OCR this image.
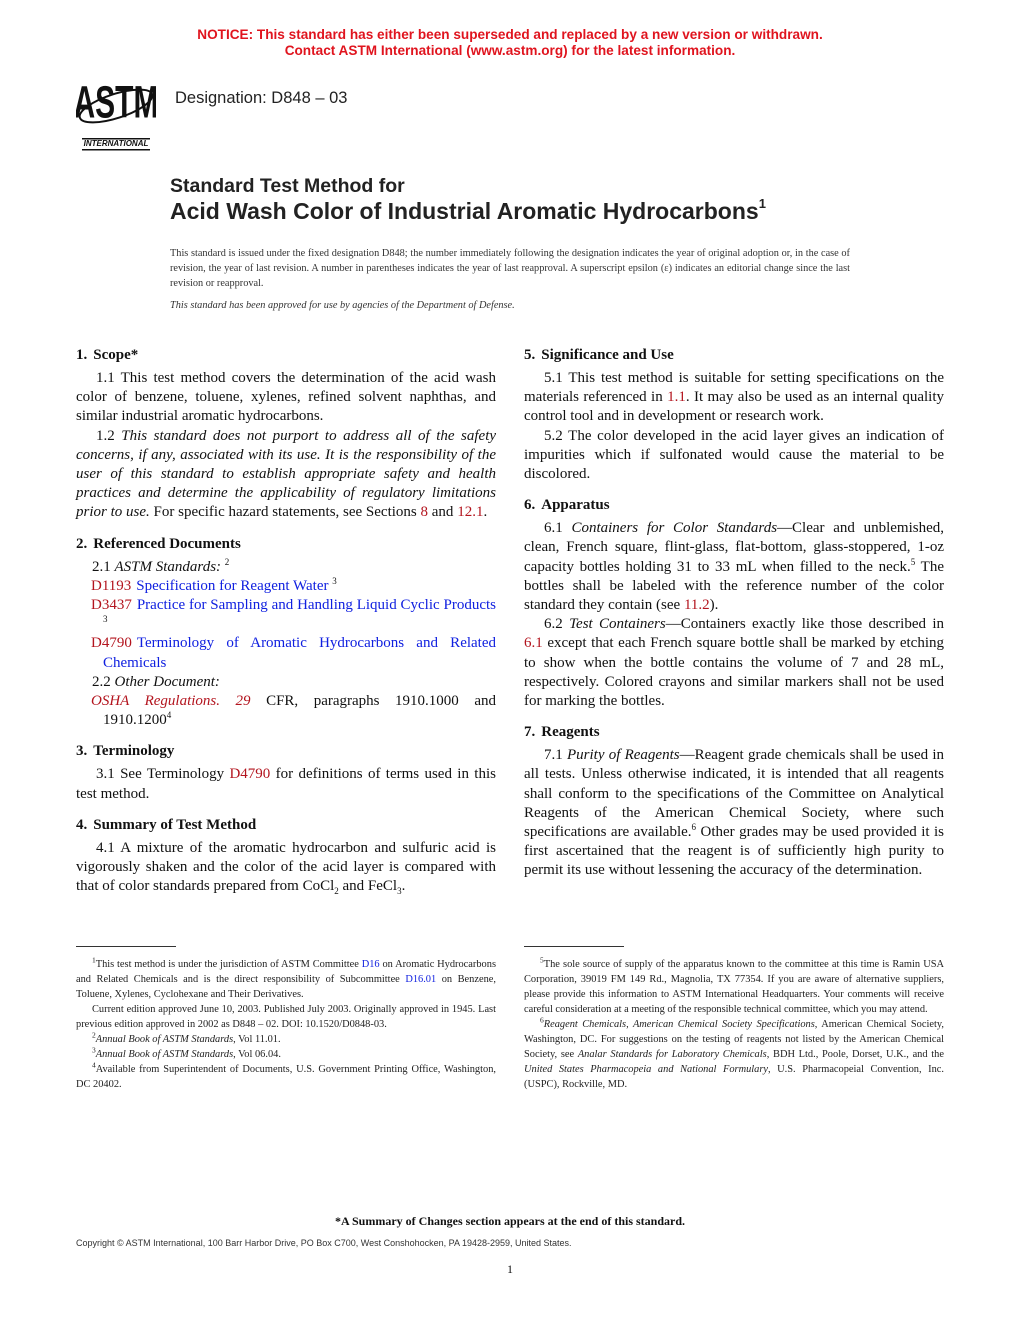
NOTICE: This standard has either been superseded and replaced by a new version or withdrawn.
Contact ASTM International (www.astm.org) for the latest information.
ASTM
INTERNATIONAL
Designation: D848 – 03
Standard Test Method for
Acid Wash Color of Industrial Aromatic Hydrocarbons$^1$
This standard is issued under the fixed designation D848; the number immediately following the designation indicates the year of original adoption or, in the case of revision, the year of last revision. A number in parentheses indicates the year of last reapproval. A superscript epsilon (ε) indicates an editorial change since the last revision or reapproval.
This standard has been approved for use by agencies of the Department of Defense.
1. Scope*

1.1 This test method covers the determination of the acid wash color of benzene, toluene, xylenes, refined solvent naphthas, and similar industrial aromatic hydrocarbons.

1.2 This standard does not purport to address all of the safety concerns, if any, associated with its use. It is the responsibility of the user of this standard to establish appropriate safety and health practices and determine the applicability of regulatory limitations prior to use. For specific hazard statements, see Sections 8 and 12.1.

2. Referenced Documents

2.1 ASTM Standards: $^2$

D1193 Specification for Reagent Water $^3$

D3437 Practice for Sampling and Handling Liquid Cyclic Products $^3$

D4790 Terminology of Aromatic Hydrocarbons and Related Chemicals

2.2 Other Document:

OSHA Regulations. 29 CFR, paragraphs 1910.1000 and 1910.1200$^4$

3. Terminology

3.1 See Terminology D4790 for definitions of terms used in this test method.

4. Summary of Test Method

4.1 A mixture of the aromatic hydrocarbon and sulfuric acid is vigorously shaken and the color of the acid layer is compared with that of color standards prepared from CoCl$_2$ and FeCl$_3$.

5. Significance and Use

5.1 This test method is suitable for setting specifications on the materials referenced in 1.1. It may also be used as an internal quality control tool and in development or research work.

5.2 The color developed in the acid layer gives an indication of impurities which if sulfonated would cause the material to be discolored.

6. Apparatus

6.1 Containers for Color Standards—Clear and unblemished, clean, French square, flint-glass, flat-bottom, glass-stoppered, 1-oz capacity bottles holding 31 to 33 mL when filled to the neck.$^5$ The bottles shall be labeled with the reference number of the color standard they contain (see 11.2).

6.2 Test Containers—Containers exactly like those described in 6.1 except that each French square bottle shall be marked by etching to show when the bottle contains the volume of 7 and 28 mL, respectively. Colored crayons and similar markers shall not be used for marking the bottles.

7. Reagents

7.1 Purity of Reagents—Reagent grade chemicals shall be used in all tests. Unless otherwise indicated, it is intended that all reagents shall conform to the specifications of the Committee on Analytical Reagents of the American Chemical Society, where such specifications are available.$^6$ Other grades may be used provided it is first ascertained that the reagent is of sufficiently high purity to permit its use without lessening the accuracy of the determination.

$^1$This test method is under the jurisdiction of ASTM Committee D16 on Aromatic Hydrocarbons and Related Chemicals and is the direct responsibility of Subcommittee D16.01 on Benzene, Toluene, Xylenes, Cyclohexane and Their Derivatives.

Current edition approved June 10, 2003. Published July 2003. Originally approved in 1945. Last previous edition approved in 2002 as D848 – 02. DOI: 10.1520/D0848-03.

$^2$Annual Book of ASTM Standards, Vol 11.01.

$^3$Annual Book of ASTM Standards, Vol 06.04.

$^4$Available from Superintendent of Documents, U.S. Government Printing Office, Washington, DC 20402.

$^5$The sole source of supply of the apparatus known to the committee at this time is Ramin USA Corporation, 39019 FM 149 Rd., Magnolia, TX 77354. If you are aware of alternative suppliers, please provide this information to ASTM International Headquarters. Your comments will receive careful consideration at a meeting of the responsible technical committee, which you may attend.

$^6$Reagent Chemicals, American Chemical Society Specifications, American Chemical Society, Washington, DC. For suggestions on the testing of reagents not listed by the American Chemical Society, see Analar Standards for Laboratory Chemicals, BDH Ltd., Poole, Dorset, U.K., and the United States Pharmacopeia and National Formulary, U.S. Pharmacopeial Convention, Inc. (USPC), Rockville, MD.

*A Summary of Changes section appears at the end of this standard.
Copyright © ASTM International, 100 Barr Harbor Drive, PO Box C700, West Conshohocken, PA 19428-2959, United States.
1
